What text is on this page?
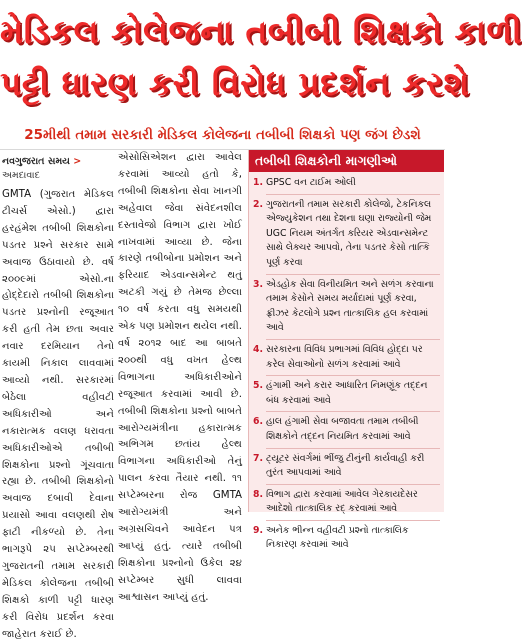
મેડિકલ કોલેજના તબીબી શિક્ષકો કાળી
પટ્ટી ધારણ કરી વિરોધ પ્રદર્શન કરશે
25મીથી તમામ સરકારી મેડિકલ કોલેજના તબીબી શિક્ષકો પણ જંગ છેડશે
નવગુજરાત સમય >
અમદાવાદ

GMTA (ગુજરાત મેડિકલ ટીચર્સ એસો.) દ્વારા હરહંમેશ તબીબી શિક્ષકોના પડતર પ્રશ્ને સરકાર સામે અવાજ ઉઠાવાયો છે. વર્ષ ૨૦૦૯માં એસો.ના હોદ્દેદારો તબીબી શિક્ષકોના પડતર પ્રશ્નોની રજૂઆત કરી હતી તેમ છતા અવાર નવાર દરમિયાન તેનો કાયમી નિકાલ લાવવામાં આવ્યો નથી. સરકારમાં બેઠેલા વહીવટી અધિકારીઓ અને નકારાત્મક વલણ ધરાવતા અધિકારીઓએ તબીબી શિક્ષકોના પ્રશ્નો ગૂંચવાતા રહ્યા છે. તબીબી શિક્ષકોનો અવાજ દબાવી દેવાના પ્રયાસો આવા વલણથી રોષ ફાટી નીકળ્યો છે. તેના ભાગરૂપે ૨૫ સપ્ટેમ્બરથી ગુજરાતની તમામ સરકારી મેડિકલ કોલેજના તબીબી શિક્ષકો કાળી પટ્ટી ધારણ કરી વિરોધ પ્રદર્શન કરવા જાહેરાત કરાઈ છે.

એસોસિએશન દ્વારા આવેલ કરવામાં આવ્યો હતો કે, તબીબી શિક્ષકોના સેવા ખાનગી અહેવાલ જેવા સંવેદનશીલ દસ્તાવેજો વિભાગ દ્વારા ખોઈ નાખવામાં આવ્યા છે. જેના કારણે તબીબોના પ્રમોશન અને ફરિયાદ એડવાન્સમેન્ટ થતું અટકી ગયું છે તેમજ છેલ્લા ૧૦ વર્ષ કરતા વધુ સમયથી એક પણ પ્રમોશન થયેલ નથી. વર્ષ ૨૦૧૨ બાદ આ બાબતે ૨૦૦થી વધુ વખત હેલ્થ વિભાગના અધિકારીઓને રજૂઆત કરવામાં આવી છે. તબીબી શિક્ષકોના પ્રશ્નો બાબતે આરોગ્યમંત્રીના હકારાત્મક અભિગમ છતાંય હેલ્થ વિભાગના અધિકારીઓ તેનું પાલન કરવા તૈયાર નથી. ૧૧ સપ્ટેમ્બરના રોજ GMTA આરોગ્યમંત્રી અને અગ્રસચિવને આવેદન પત્ર આપ્યું હતું. ત્યારે તબીબી શિક્ષકોના પ્રશ્નોનો ઉકેલ ૨૪ સપ્ટેમ્બર સુધી લાવવા આશ્વાસન આપ્યું હતું.

તબીબી શિક્ષકોની માગણીઓ
1. GPSC વન ટાઈમ ઓલી
2. ગુજરાતની તમામ સરકારી કોલેજો, ટેકનિકલ એજ્યુકેશન તથા દેશના ઘણા રાજ્યોની જેમ UGC નિયમ અંતર્ગત કરિયર એડવાન્સમેન્ટ સાથે લેક્ચર આપવો, તેના પડતર કેસો તાત્કિ પૂર્ણ કરવા
3. એડહોક સેવા વિનીયમિત અને સળંગ કરવાના તમામ કેસોને સમય મર્યાદામાં પૂર્ણ કરવા, ફ્રીઝર કેટલોગે પ્રશ્ન તાત્કાલિક હલ કરવામાં આવે
4. સરકારના વિવિધ પ્રભાગમાં વિવિધ હોદ્દા પર કરેલ સેવાઓનો સળંગ કરવામાં આવે
5. હંગામી અને કરાર આધારિત નિમણૂંક તદ્દન બંધ કરવામાં આવે
6. હાલ હંગામી સેવા બજાવતા તમામ તબીબી શિક્ષકોને તદ્દન નિયમિત કરવામાં આવે
7. ટ્યૂટર સંવર્ગમાં ભીંજુ ટીનુંની કાર્યવાહી કરી તુરંત આપવામાં આવે
8. વિભાગ દ્વારા કરવામાં આવેલ ગેરકાયદેસર આદેશો તાત્કાલિક રદ્ કરવામાં આવે
9. અનેક ભીન્ન વહીવટી પ્રશ્નો તાત્કાલિક નિકારણ કરવામાં આવે
